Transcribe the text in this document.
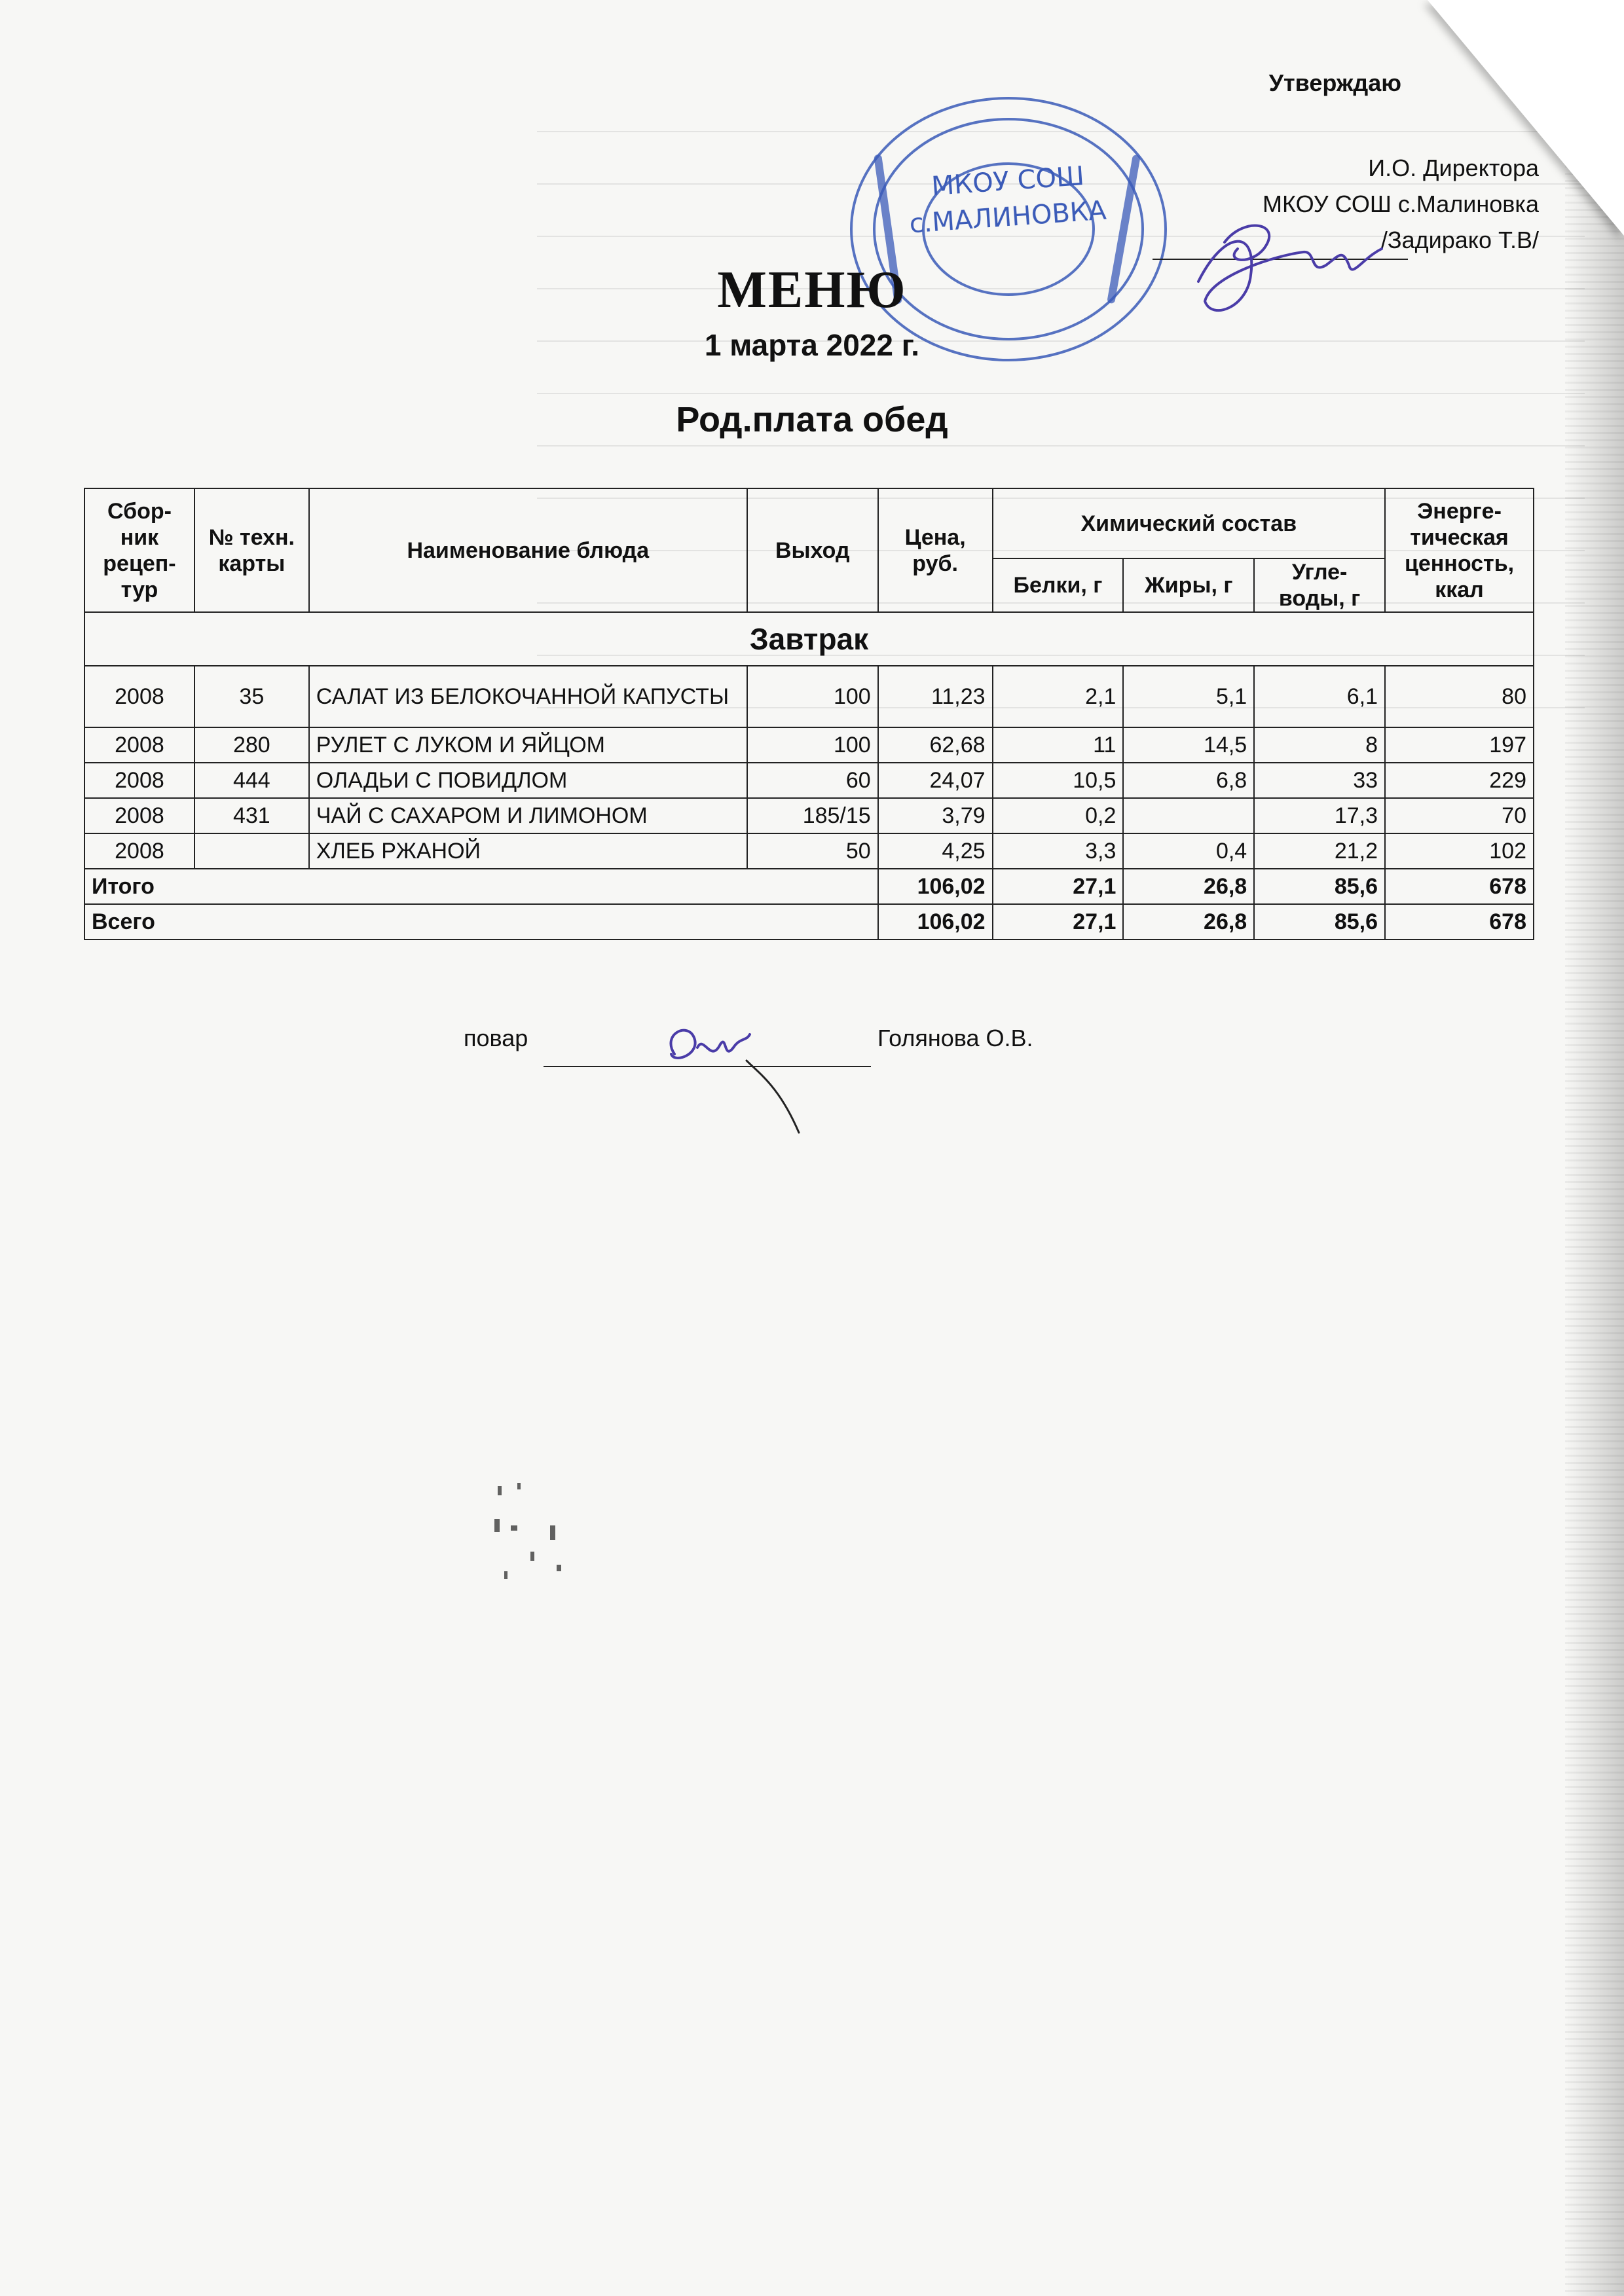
МКОУ СОШ
с.МАЛИНОВКА
Утверждаю
И.О. Директора
МКОУ СОШ с.Малиновка
/Задирако Т.В/
МЕНЮ
1 марта 2022 г.
Род.плата обед
Сбор-ник рецеп-тур	№ техн. карты	Наименование блюда	Выход	Цена, руб.	Химический состав			Энерге-тическая ценность, ккал
					Белки, г	Жиры, г	Угле-воды, г	
Завтрак								
2008	35	САЛАТ ИЗ БЕЛОКОЧАННОЙ КАПУСТЫ	100	11,23	2,1	5,1	6,1	80
2008	280	РУЛЕТ С ЛУКОМ И ЯЙЦОМ	100	62,68	11	14,5	8	197
2008	444	ОЛАДЬИ С ПОВИДЛОМ	60	24,07	10,5	6,8	33	229
2008	431	ЧАЙ С САХАРОМ И ЛИМОНОМ	185/15	3,79	0,2		17,3	70
2008		ХЛЕБ РЖАНОЙ	50	4,25	3,3	0,4	21,2	102
Итого				106,02	27,1	26,8	85,6	678
Всего				106,02	27,1	26,8	85,6	678
повар	Голянова О.В.
